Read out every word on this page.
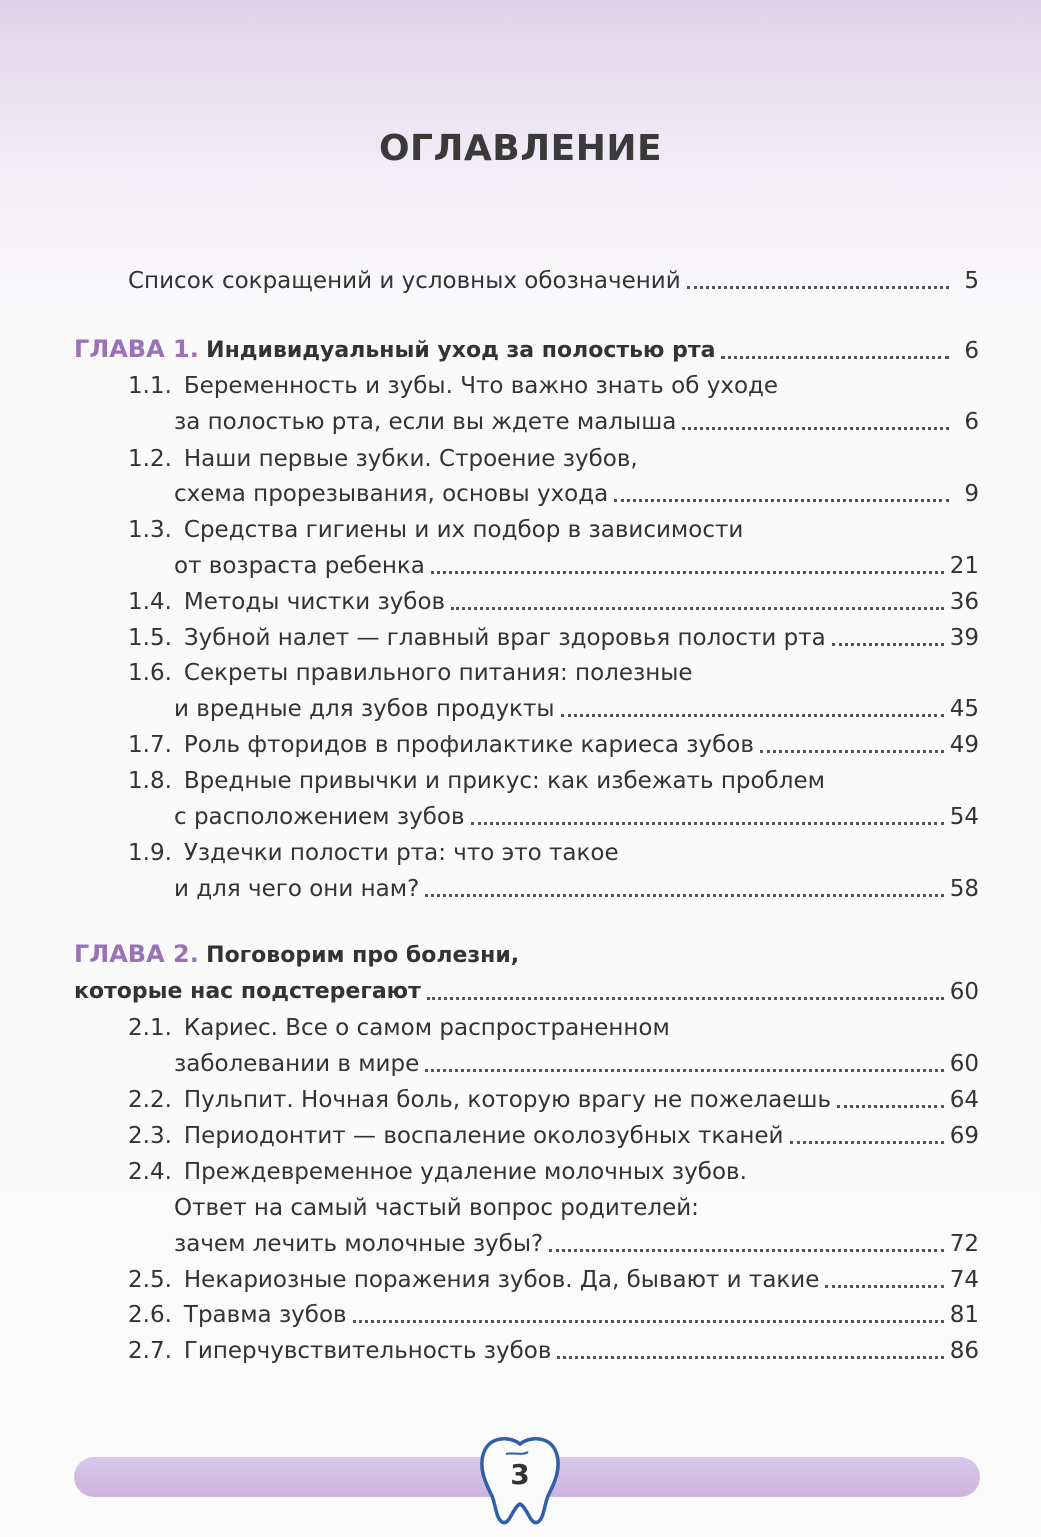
ОГЛАВЛЕНИЕ
Список сокращений и условных обозначений	5
ГЛАВА 1. Индивидуальный уход за полостью рта	6
1.1. Беременность и зубы. Что важно знать об уходе
за полостью рта, если вы ждете малыша	6
1.2. Наши первые зубки. Строение зубов,
схема прорезывания, основы ухода	9
1.3. Средства гигиены и их подбор в зависимости
от возраста ребенка	21
1.4. Методы чистки зубов	36
1.5. Зубной налет — главный враг здоровья полости рта	39
1.6. Секреты правильного питания: полезные
и вредные для зубов продукты	45
1.7. Роль фторидов в профилактике кариеса зубов	49
1.8. Вредные привычки и прикус: как избежать проблем
с расположением зубов	54
1.9. Уздечки полости рта: что это такое
и для чего они нам?	58
ГЛАВА 2. Поговорим про болезни,
которые нас подстерегают	60
2.1. Кариес. Все о самом распространенном
заболевании в мире	60
2.2. Пульпит. Ночная боль, которую врагу не пожелаешь	64
2.3. Периодонтит — воспаление околозубных тканей	69
2.4. Преждевременное удаление молочных зубов.
Ответ на самый частый вопрос родителей:
зачем лечить молочные зубы?	72
2.5. Некариозные поражения зубов. Да, бывают и такие	74
2.6. Травма зубов	81
2.7. Гиперчувствительность зубов	86
3
